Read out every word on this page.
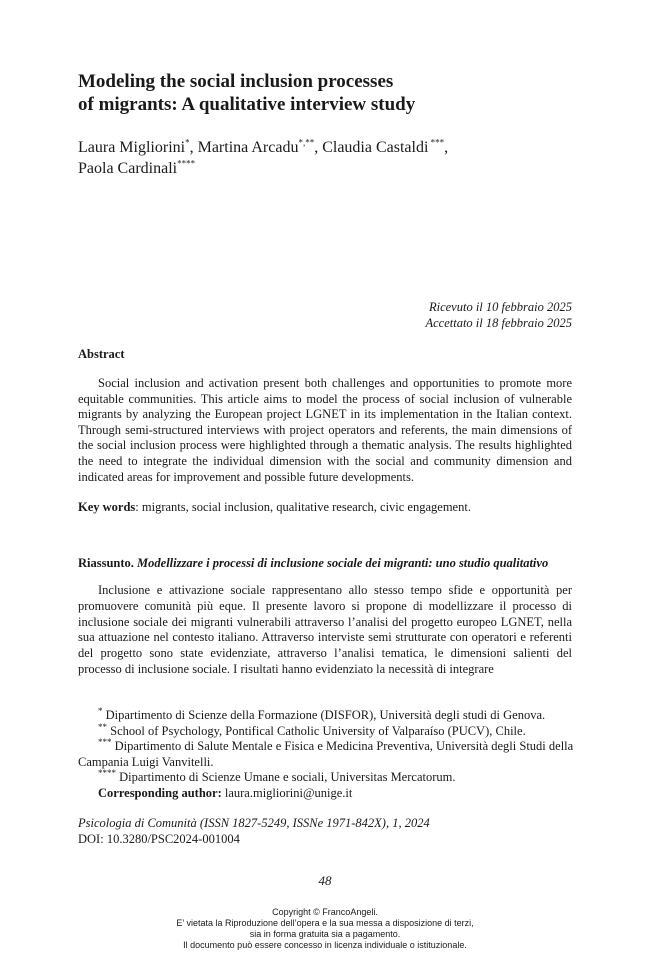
Modeling the social inclusion processes
of migrants: A qualitative interview study
Laura Migliorini*, Martina Arcadu*,**, Claudia Castaldi ***,
Paola Cardinali****
Ricevuto il 10 febbraio 2025
Accettato il 18 febbraio 2025
Abstract
Social inclusion and activation present both challenges and opportunities to promote more equitable communities. This article aims to model the process of social inclusion of vulnerable migrants by analyzing the European project LGNET in its implementation in the Italian context. Through semi-structured interviews with project operators and referents, the main dimensions of the social inclusion process were highlighted through a thematic analysis. The results highlighted the need to integrate the individual dimension with the social and community dimension and indicated areas for improvement and possible future developments.
Key words: migrants, social inclusion, qualitative research, civic engagement.
Riassunto. Modellizzare i processi di inclusione sociale dei migranti: uno studio qualitativo
Inclusione e attivazione sociale rappresentano allo stesso tempo sfide e opportunità per promuovere comunità più eque. Il presente lavoro si propone di modellizzare il processo di inclusione sociale dei migranti vulnerabili attraverso l’analisi del progetto europeo LGNET, nella sua attuazione nel contesto italiano. Attraverso interviste semi strutturate con operatori e referenti del progetto sono state evidenziate, attraverso l’analisi tematica, le dimensioni salienti del processo di inclusione sociale. I risultati hanno evidenziato la necessità di integrare
* Dipartimento di Scienze della Formazione (DISFOR), Università degli studi di Genova.
** School of Psychology, Pontifical Catholic University of Valparaíso (PUCV), Chile.
*** Dipartimento di Salute Mentale e Fisica e Medicina Preventiva, Università degli Studi della Campania Luigi Vanvitelli.
**** Dipartimento di Scienze Umane e sociali, Universitas Mercatorum.
Corresponding author: laura.migliorini@unige.it
Psicologia di Comunità (ISSN 1827-5249, ISSNe 1971-842X), 1, 2024
DOI: 10.3280/PSC2024-001004
48
Copyright © FrancoAngeli.
E’ vietata la Riproduzione dell’opera e la sua messa a disposizione di terzi,
sia in forma gratuita sia a pagamento.
Il documento può essere concesso in licenza individuale o istituzionale.
